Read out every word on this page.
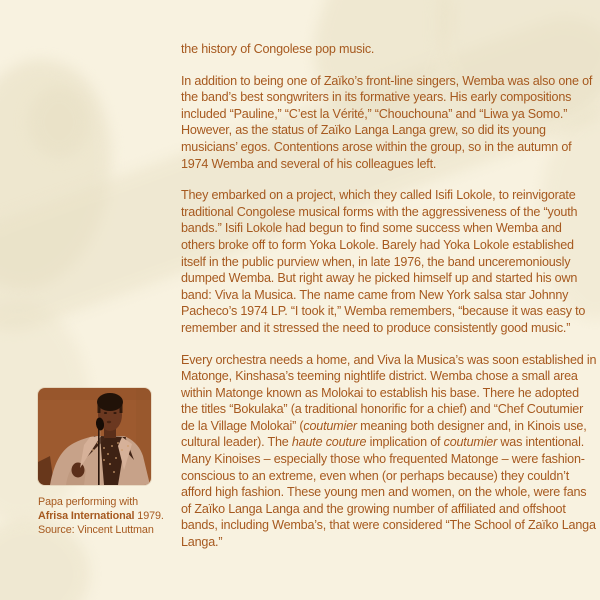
the history of Congolese pop music.

In addition to being one of Zaïko’s front-line singers, Wemba was also one of the band’s best songwriters in its formative years. His early compositions included “Pauline,” “C’est la Vérité,” “Chouchouna” and “Liwa ya Somo.” However, as the status of Zaïko Langa Langa grew, so did its young musicians’ egos. Contentions arose within the group, so in the autumn of 1974 Wemba and several of his colleagues left.

They embarked on a project, which they called Isifi Lokole, to reinvigorate traditional Congolese musical forms with the aggressiveness of the “youth bands.” Isifi Lokole had begun to find some success when Wemba and others broke off to form Yoka Lokole. Barely had Yoka Lokole established itself in the public purview when, in late 1976, the band unceremoniously dumped Wemba. But right away he picked himself up and started his own band: Viva la Musica. The name came from New York salsa star Johnny Pacheco’s 1974 LP. “I took it,” Wemba remembers, “because it was easy to remember and it stressed the need to produce consistently good music.”

Every orchestra needs a home, and Viva la Musica’s was soon established in Matonge, Kinshasa’s teeming nightlife district. Wemba chose a small area within Matonge known as Molokai to establish his base. There he adopted the titles “Bokulaka” (a traditional honorific for a chief) and “Chef Coutumier de la Village Molokai” (coutumier meaning both designer and, in Kinois use, cultural leader). The haute couture implication of coutumier was intentional. Many Kinoises – especially those who frequented Matonge – were fashion-conscious to an extreme, even when (or perhaps because) they couldn’t afford high fashion. These young men and women, on the whole, were fans of Zaïko Langa Langa and the growing number of affiliated and offshoot bands, including Wemba’s, that were considered “The School of Zaïko Langa Langa.”

Papa performing with Afrisa International 1979. Source: Vincent Luttman
